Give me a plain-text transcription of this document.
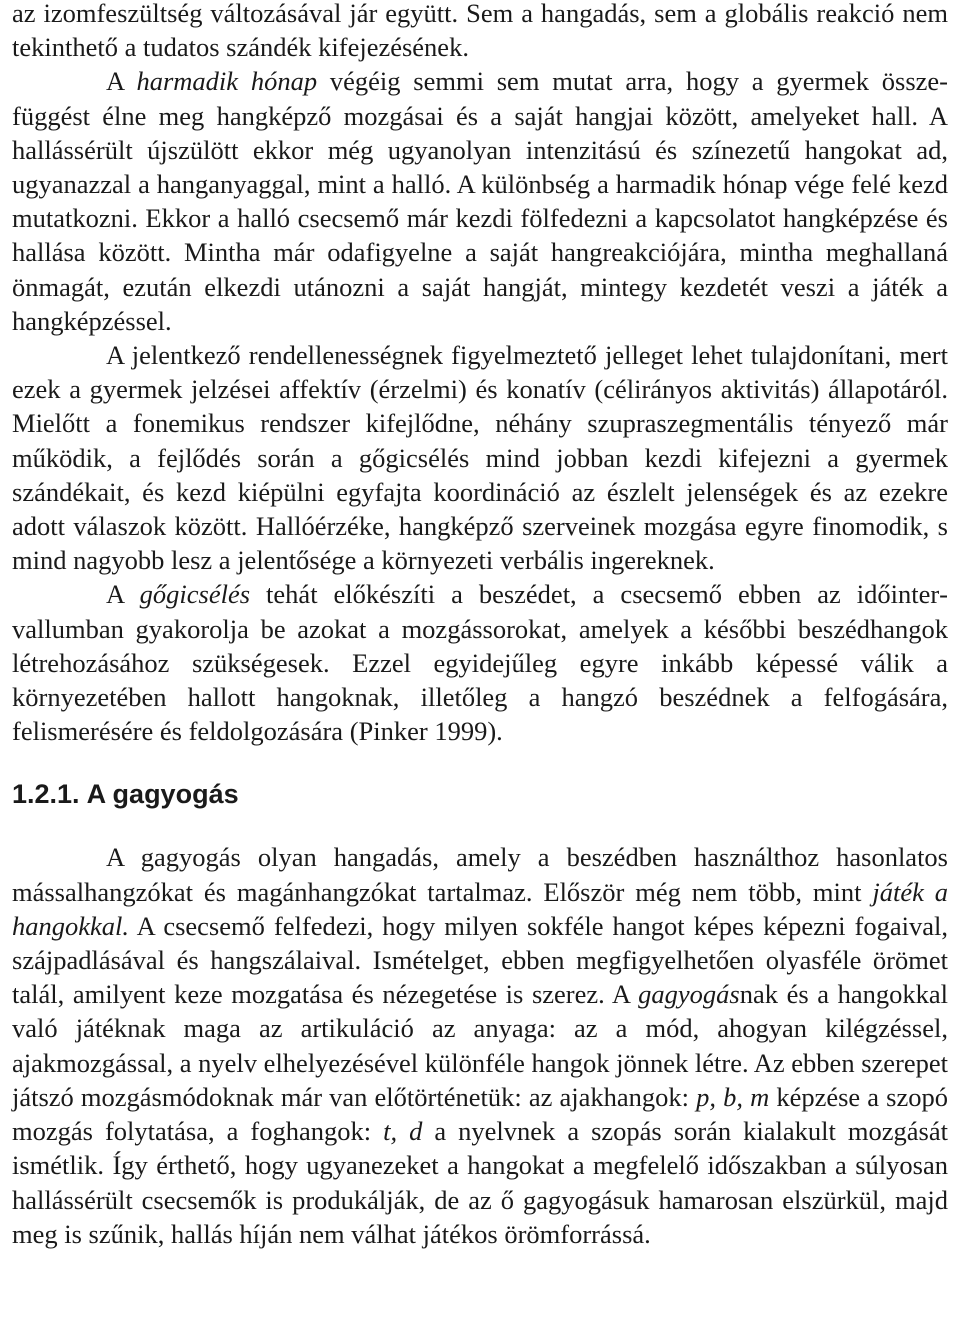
az izomfeszültség változásával jár együtt. Sem a hangadás, sem a globális reakció nem tekinthető a tudatos szándék kifejezésének.

A harmadik hónap végéig semmi sem mutat arra, hogy a gyermek összefüggést élne meg hangképző mozgásai és a saját hangjai között, amelyeket hall. A hallássérült újszülött ekkor még ugyanolyan intenzitású és színezetű hangokat ad, ugyanazzal a hanganyaggal, mint a halló. A különbség a harmadik hónap vége felé kezd mutatkozni. Ekkor a halló csecsemő már kezdi fölfedezni a kapcsolatot hangképzése és hallása között. Mintha már odafigyelne a saját hangreakciójára, mintha meghallaná önmagát, ezután elkezdi utánozni a saját hangját, mintegy kezdetét veszi a játék a hangképzéssel.

A jelentkező rendellenességnek figyelmeztető jelleget lehet tulajdonítani, mert ezek a gyermek jelzései affektív (érzelmi) és konatív (célirányos aktivitás) állapotáról. Mielőtt a fonemikus rendszer kifejlődne, néhány szupraszegmentális tényező már működik, a fejlődés során a gőgicsélés mind jobban kezdi kifejezni a gyermek szándékait, és kezd kiépülni egyfajta koordináció az észlelt jelenségek és az ezekre adott válaszok között. Hallóérzéke, hangképző szerveinek mozgása egyre finomodik, s mind nagyobb lesz a jelentősége a környezeti verbális ingereknek.

A gőgicsélés tehát előkészíti a beszédet, a csecsemő ebben az időintervallumban gyakorolja be azokat a mozgássorokat, amelyek a későbbi beszédhangok létrehozásához szükségesek. Ezzel egyidejűleg egyre inkább képessé válik a környezetében hallott hangoknak, illetőleg a hangzó beszédnek a felfogására, felismerésére és feldolgozására (Pinker 1999).

1.2.1. A gagyogás

A gagyogás olyan hangadás, amely a beszédben használthoz hasonlatos mássalhangzókat és magánhangzókat tartalmaz. Először még nem több, mint játék a hangokkal. A csecsemő felfedezi, hogy milyen sokféle hangot képes képezni fogaival, szájpadlásával és hangszálaival. Ismételget, ebben megfigyelhetően olyasféle örömet talál, amilyent keze mozgatása és nézegetése is szerez. A gagyogásnak és a hangokkal való játéknak maga az artikuláció az anyaga: az a mód, ahogyan kilégzéssel, ajakmozgással, a nyelv elhelyezésével különféle hangok jönnek létre. Az ebben szerepet játszó mozgásmódoknak már van előtörténetük: az ajakhangok: p, b, m képzése a szopó mozgás folytatása, a foghangok: t, d a nyelvnek a szopás során kialakult mozgását ismétlik. Így érthető, hogy ugyanezeket a hangokat a megfelelő időszakban a súlyosan hallássérült csecsemők is produkálják, de az ő gagyogásuk hamarosan elszürkül, majd meg is szűnik, hallás híján nem válhat játékos örömforrássá.
